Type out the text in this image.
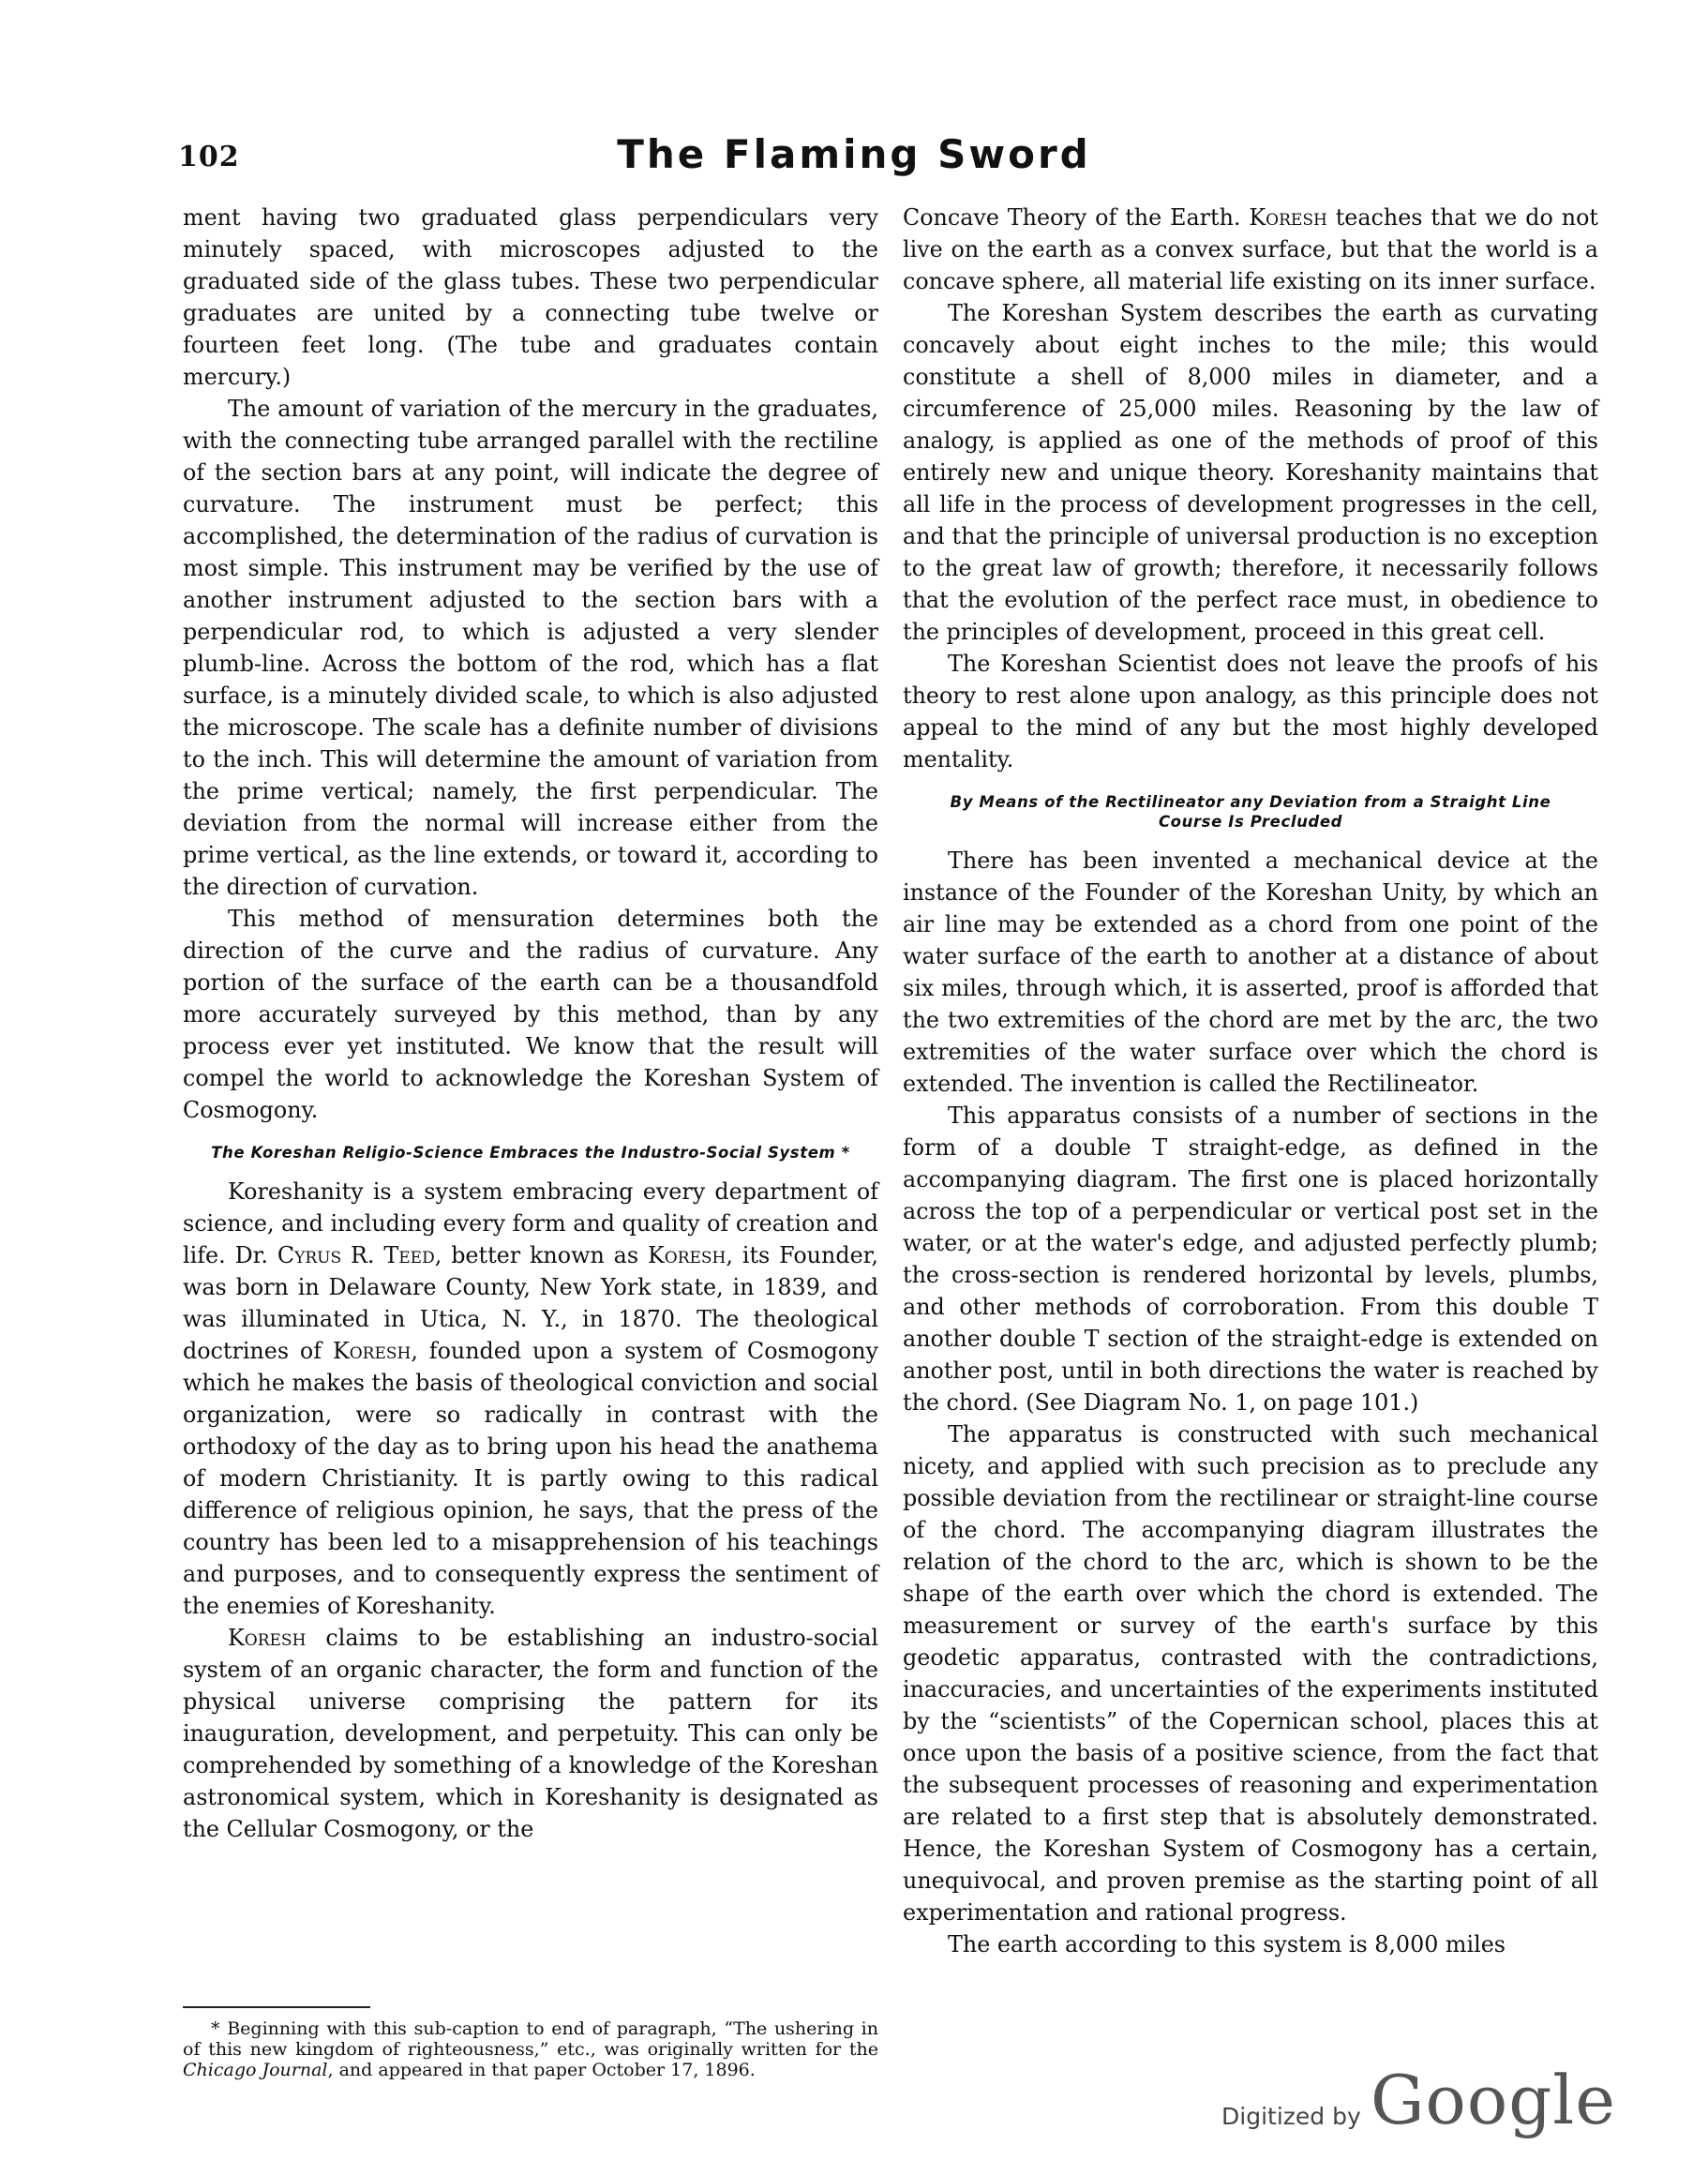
102	The Flaming Sword

ment having two graduated glass perpendiculars very minutely spaced, with microscopes adjusted to the graduated side of the glass tubes. These two perpendicular graduates are united by a connecting tube twelve or fourteen feet long. (The tube and graduates contain mercury.)

The amount of variation of the mercury in the graduates, with the connecting tube arranged parallel with the rectiline of the section bars at any point, will indicate the degree of curvature. The instrument must be perfect; this accomplished, the determination of the radius of curvation is most simple. This instrument may be verified by the use of another instrument adjusted to the section bars with a perpendicular rod, to which is adjusted a very slender plumb-line. Across the bottom of the rod, which has a flat surface, is a minutely divided scale, to which is also adjusted the microscope. The scale has a definite number of divisions to the inch. This will determine the amount of variation from the prime vertical; namely, the first perpendicular. The deviation from the normal will increase either from the prime vertical, as the line extends, or toward it, according to the direction of curvation.

This method of mensuration determines both the direction of the curve and the radius of curvature. Any portion of the surface of the earth can be a thousandfold more accurately surveyed by this method, than by any process ever yet instituted. We know that the result will compel the world to acknowledge the Koreshan System of Cosmogony.

The Koreshan Religio-Science Embraces the Industro-Social System *

Koreshanity is a system embracing every department of science, and including every form and quality of creation and life. Dr. Cyrus R. Teed, better known as Koresh, its Founder, was born in Delaware County, New York state, in 1839, and was illuminated in Utica, N. Y., in 1870. The theological doctrines of Koresh, founded upon a system of Cosmogony which he makes the basis of theological conviction and social organization, were so radically in contrast with the orthodoxy of the day as to bring upon his head the anathema of modern Christianity. It is partly owing to this radical difference of religious opinion, he says, that the press of the country has been led to a misapprehension of his teachings and purposes, and to consequently express the sentiment of the enemies of Koreshanity.

Koresh claims to be establishing an industro-social system of an organic character, the form and function of the physical universe comprising the pattern for its inauguration, development, and perpetuity. This can only be comprehended by something of a knowledge of the Koreshan astronomical system, which in Koreshanity is designated as the Cellular Cosmogony, or the

Concave Theory of the Earth. Koresh teaches that we do not live on the earth as a convex surface, but that the world is a concave sphere, all material life existing on its inner surface.

The Koreshan System describes the earth as curvating concavely about eight inches to the mile; this would constitute a shell of 8,000 miles in diameter, and a circumference of 25,000 miles. Reasoning by the law of analogy, is applied as one of the methods of proof of this entirely new and unique theory. Koreshanity maintains that all life in the process of development progresses in the cell, and that the principle of universal production is no exception to the great law of growth; therefore, it necessarily follows that the evolution of the perfect race must, in obedience to the principles of development, proceed in this great cell.

The Koreshan Scientist does not leave the proofs of his theory to rest alone upon analogy, as this principle does not appeal to the mind of any but the most highly developed mentality.

By Means of the Rectilineator any Deviation from a Straight Line Course Is Precluded

There has been invented a mechanical device at the instance of the Founder of the Koreshan Unity, by which an air line may be extended as a chord from one point of the water surface of the earth to another at a distance of about six miles, through which, it is asserted, proof is afforded that the two extremities of the chord are met by the arc, the two extremities of the water surface over which the chord is extended. The invention is called the Rectilineator.

This apparatus consists of a number of sections in the form of a double T straight-edge, as defined in the accompanying diagram. The first one is placed horizontally across the top of a perpendicular or vertical post set in the water, or at the water's edge, and adjusted perfectly plumb; the cross-section is rendered horizontal by levels, plumbs, and other methods of corroboration. From this double T another double T section of the straight-edge is extended on another post, until in both directions the water is reached by the chord. (See Diagram No. 1, on page 101.)

The apparatus is constructed with such mechanical nicety, and applied with such precision as to preclude any possible deviation from the rectilinear or straight-line course of the chord. The accompanying diagram illustrates the relation of the chord to the arc, which is shown to be the shape of the earth over which the chord is extended. The measurement or survey of the earth's surface by this geodetic apparatus, contrasted with the contradictions, inaccuracies, and uncertainties of the experiments instituted by the “scientists” of the Copernican school, places this at once upon the basis of a positive science, from the fact that the subsequent processes of reasoning and experimentation are related to a first step that is absolutely demonstrated. Hence, the Koreshan System of Cosmogony has a certain, unequivocal, and proven premise as the starting point of all experimentation and rational progress.

The earth according to this system is 8,000 miles

* Beginning with this sub-caption to end of paragraph, “The ushering in of this new kingdom of righteousness,” etc., was originally written for the Chicago Journal, and appeared in that paper October 17, 1896.
Digitized by Google
